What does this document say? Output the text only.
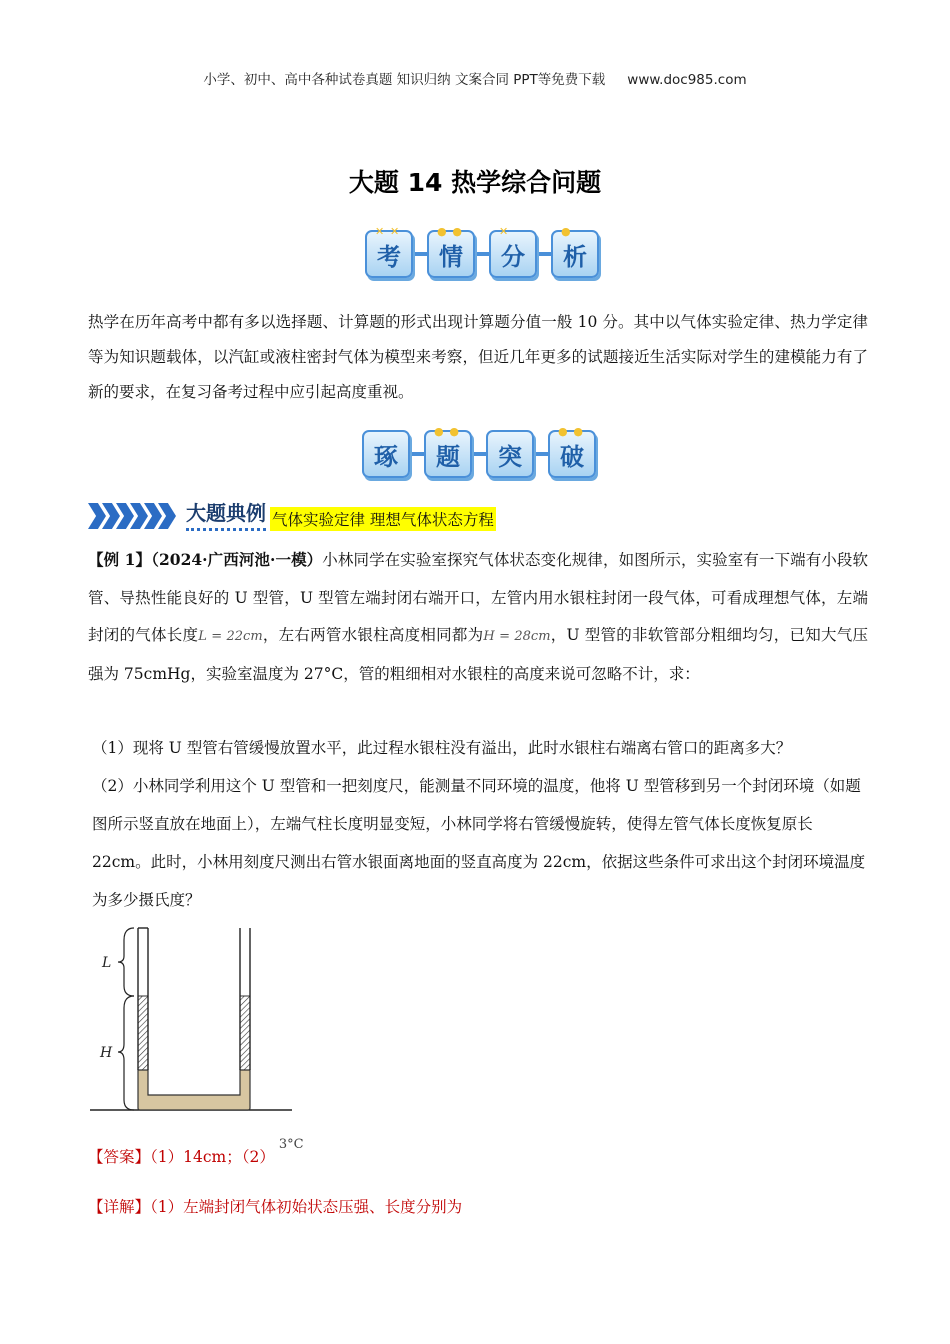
小学、初中、高中各种试卷真题 知识归纳 文案合同 PPT等免费下载 www.doc985.com
大题 14 热学综合问题
✕ ✕
考
● ●
情
✕
分
●
析
热学在历年高考中都有多以选择题、计算题的形式出现计算题分值一般 10 分。其中以气体实验定律、热力学定律等为知识题载体，以汽缸或液柱密封气体为模型来考察，但近几年更多的试题接近生活实际对学生的建模能力有了新的要求，在复习备考过程中应引起高度重视。
琢
● ●
题 突
● ●
破
大题典例 气体实验定律 理想气体状态方程
【例 1】（2024·广西河池·一模）小林同学在实验室探究气体状态变化规律，如图所示，实验室有一下端有小段软管、导热性能良好的 U 型管，U 型管左端封闭右端开口，左管内用水银柱封闭一段气体，可看成理想气体，左端封闭的气体长度L = 22cm，左右两管水银柱高度相同都为H = 28cm，U 型管的非软管部分粗细均匀，已知大气压强为 75cmHg，实验室温度为 27°C，管的粗细相对水银柱的高度来说可忽略不计，求：
（1）现将 U 型管右管缓慢放置水平，此过程水银柱没有溢出，此时水银柱右端离右管口的距离多大？
（2）小林同学利用这个 U 型管和一把刻度尺，能测量不同环境的温度，他将 U 型管移到另一个封闭环境（如题图所示竖直放在地面上），左端气柱长度明显变短，小林同学将右管缓慢旋转，使得左管气体长度恢复原长 22cm。此时，小林用刻度尺测出右管水银面离地面的竖直高度为 22cm，依据这些条件可求出这个封闭环境温度为多少摄氏度？
L
H
【答案】（1）14cm；$(2)^{3^\circ C}$
【详解】（1）左端封闭气体初始状态压强、长度分别为
